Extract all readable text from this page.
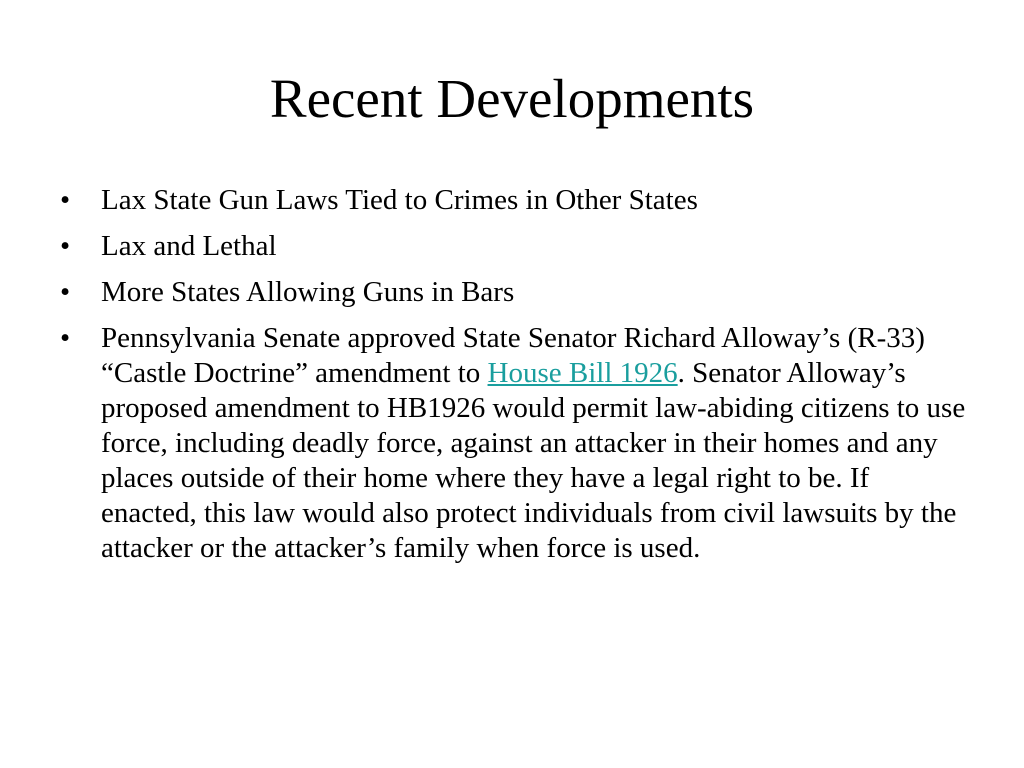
Recent Developments
•	Lax State Gun Laws Tied to Crimes in Other States
•	Lax and Lethal
•	More States Allowing Guns in Bars
•	Pennsylvania Senate approved State Senator Richard Alloway’s (R-33) “Castle Doctrine” amendment to House Bill 1926. Senator Alloway’s proposed amendment to HB1926 would permit law-abiding citizens to use force, including deadly force, against an attacker in their homes and any places outside of their home where they have a legal right to be. If enacted, this law would also protect individuals from civil lawsuits by the attacker or the attacker’s family when force is used.
